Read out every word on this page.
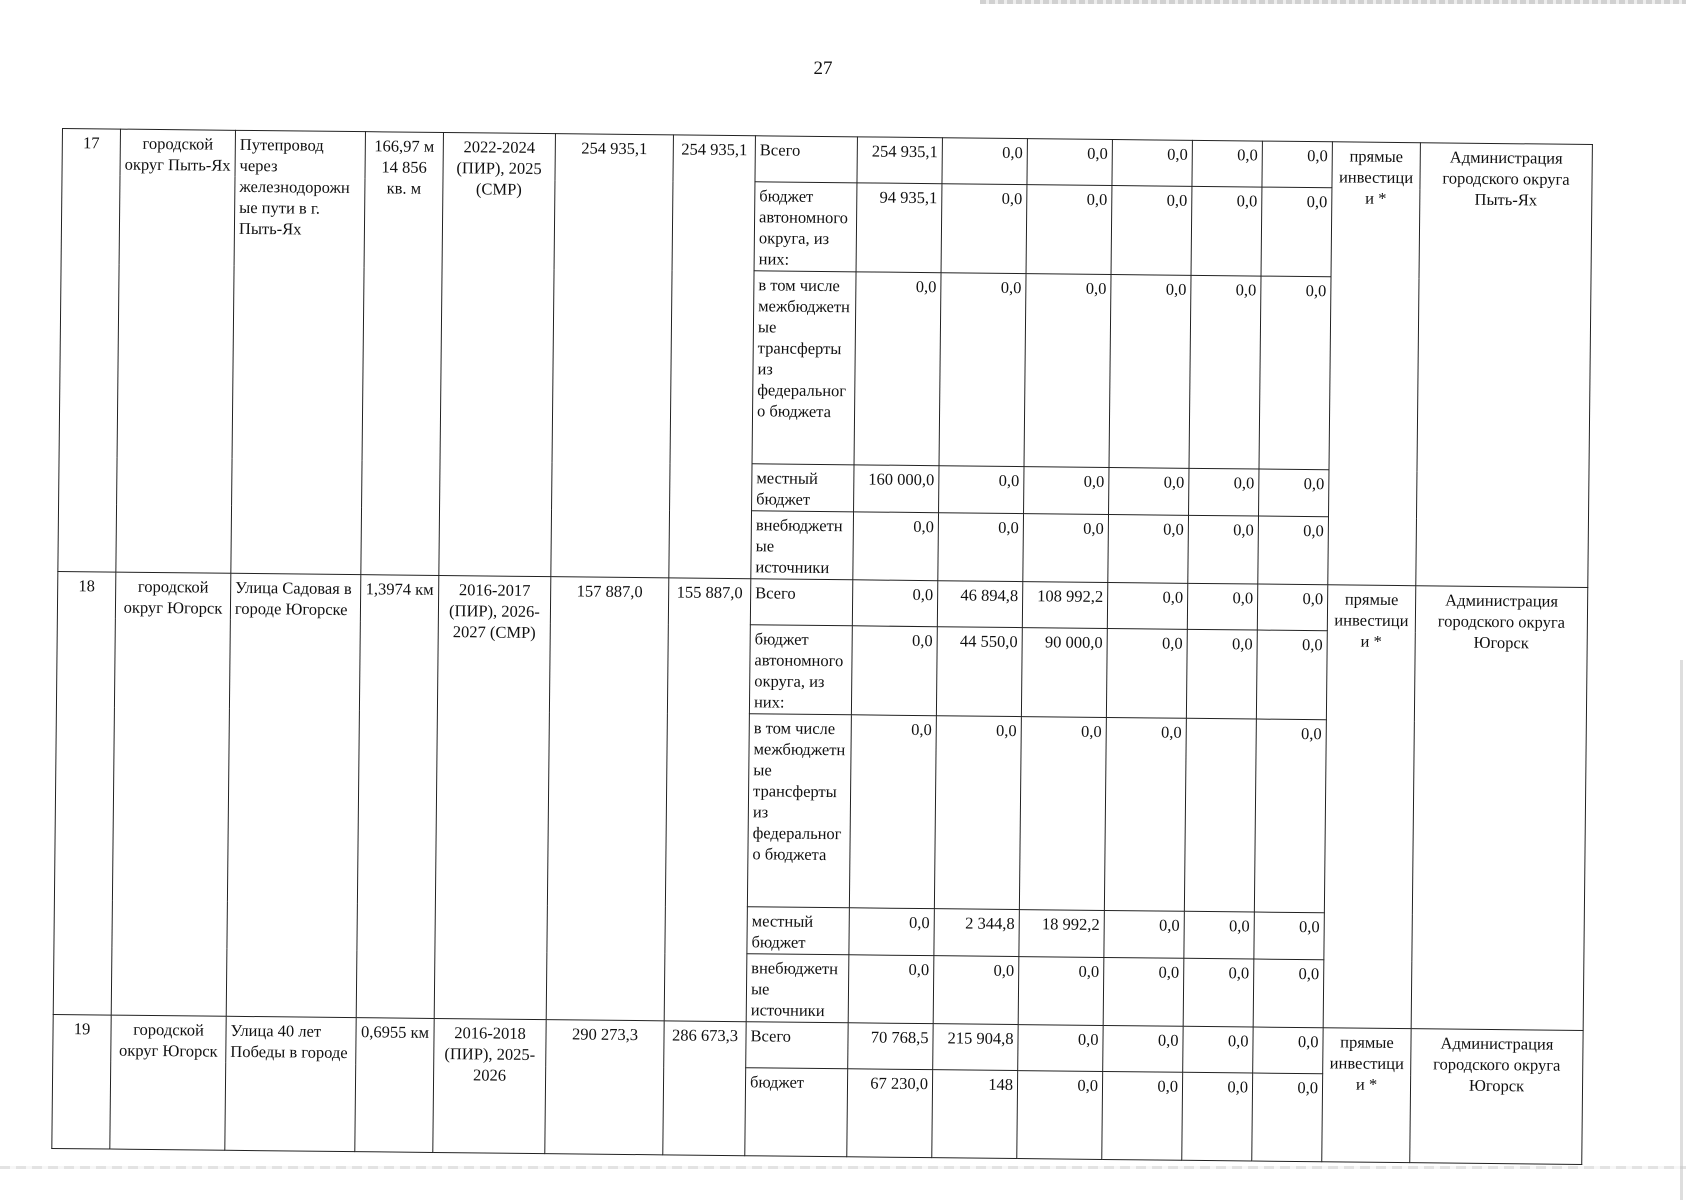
27
17	городской округ Пыть-Ях	Путепровод через железнодорожные пути в г. Пыть-Ях	166,97 м 14 856 кв. м	2022-2024 (ПИР), 2025 (СМР)	254 935,1	254 935,1	Всего	254 935,1	0,0	0,0	0,0	0,0	0,0	прямые инвестиции *	Администрация городского округа Пыть-Ях
							бюджет автономного округа, из них:	94 935,1	0,0	0,0	0,0	0,0	0,0		
							в том числе межбюджетные трансферты из федерального бюджета	0,0	0,0	0,0	0,0	0,0	0,0		
							местный бюджет	160 000,0	0,0	0,0	0,0	0,0	0,0		
							внебюджетные источники	0,0	0,0	0,0	0,0	0,0	0,0		
18	городской округ Югорск	Улица Садовая в городе Югорске	1,3974 км	2016-2017 (ПИР), 2026-2027 (СМР)	157 887,0	155 887,0	Всего	0,0	46 894,8	108 992,2	0,0	0,0	0,0	прямые инвестиции *	Администрация городского округа Югорск
							бюджет автономного округа, из них:	0,0	44 550,0	90 000,0	0,0	0,0	0,0		
							в том числе межбюджетные трансферты из федерального бюджета	0,0	0,0	0,0	0,0		0,0		
							местный бюджет	0,0	2 344,8	18 992,2	0,0	0,0	0,0		
							внебюджетные источники	0,0	0,0	0,0	0,0	0,0	0,0		
19	городской округ Югорск	Улица 40 лет Победы в городе	0,6955 км	2016-2018 (ПИР), 2025-2026	290 273,3	286 673,3	Всего	70 768,5	215 904,8	0,0	0,0	0,0	0,0	прямые инвестиции *	Администрация городского округа Югорск
							бюджет	67 230,0	148	0,0	0,0	0,0	0,0		
